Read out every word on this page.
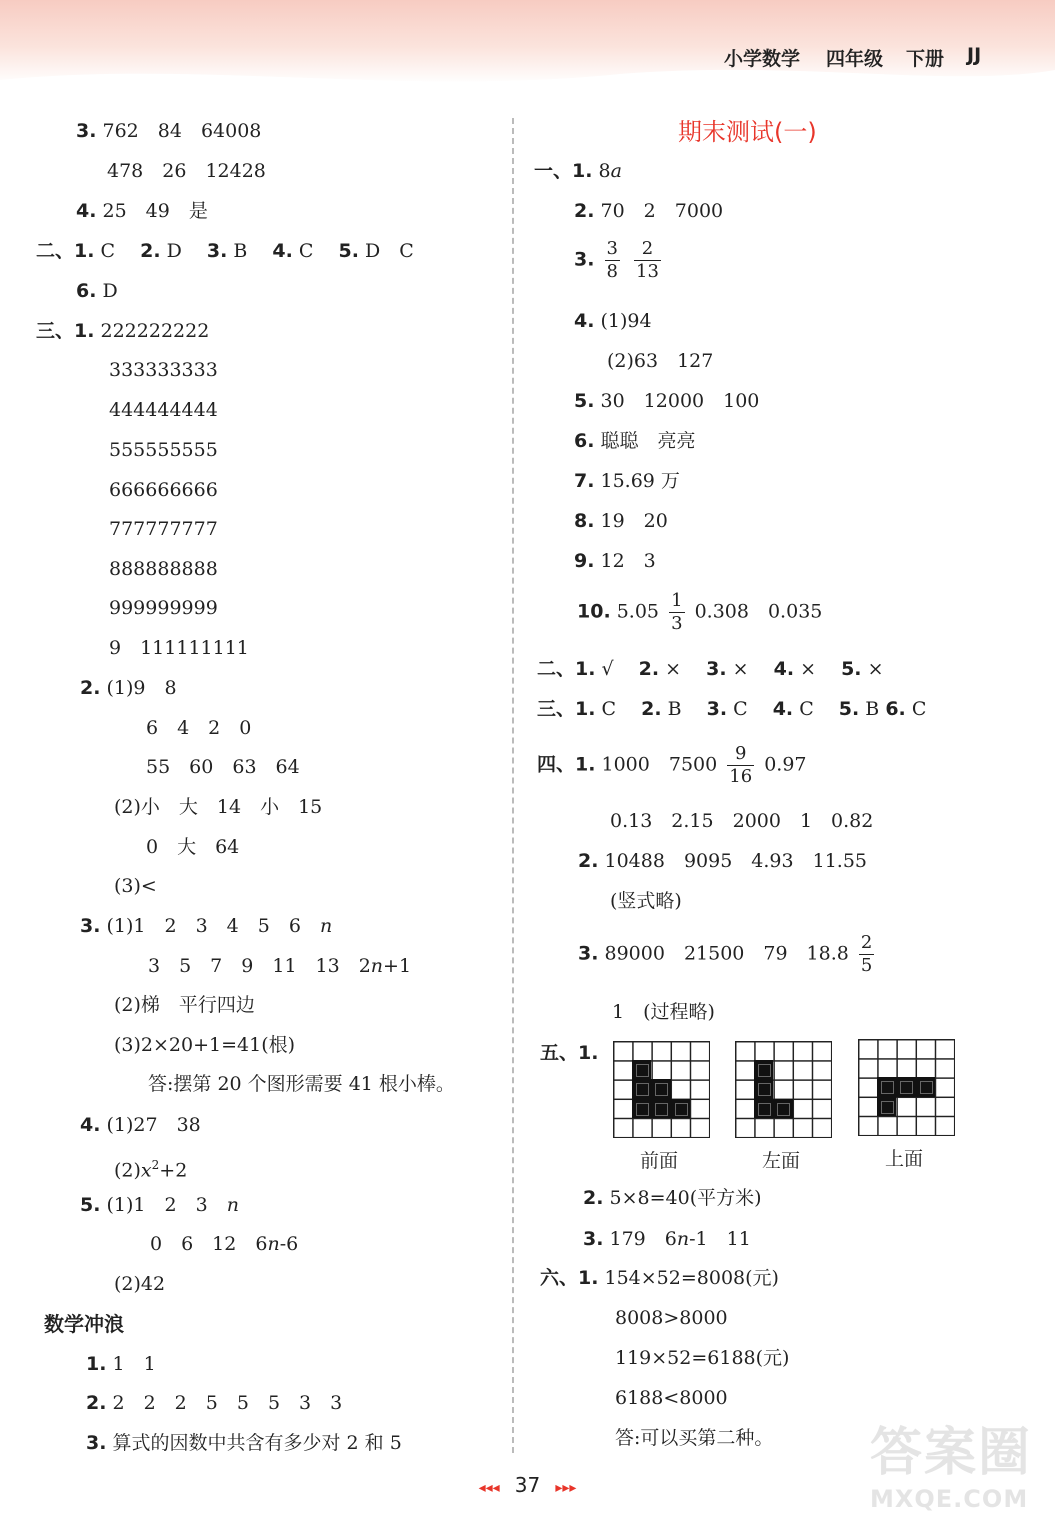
小学数学 四年级 下册 JJ
3. 762　84　64008
478　26　12428
4. 25　49　是
二、1. C　 2. D　 3. B　 4. C　 5. D　C
6. D
三、1. 222222222
333333333
444444444
555555555
666666666
777777777
888888888
999999999
9　111111111
2. (1)9　8
6　4　2　0
55　60　63　64
(2)小　大　14　小　15
0　大　64
(3)<
3. (1)1　2　3　4　5　6　n
3　5　7　9　11　13　2n+1
(2)梯　平行四边
(3)2×20+1=41(根)
答:摆第 20 个图形需要 41 根小棒。
4. (1)27　38
$(2)x^2+2$
5. (1)1　2　3　n
0　6　12　6n-6
(2)42
数学冲浪
1. 1　1
2. 2　2　2　5　5　5　3　3
3. 算式的因数中共含有多少对 2 和 5
期末测试(一)
一、1. 8a
2. 70　2　7000
3. $\frac{3}{8}$
$\frac{2}{13}$
4. (1)94
(2)63　127
5. 30　12000　100
6. 聪聪　亮亮
7. 15.69 万
8. 19　20
9. 12　3
10. $5.05 \frac{1}{3} 0.308$　0.035
二、1. √　 2. ×　 3. ×　 4. ×　 5. ×
三、1. C　 2. B　 3. C　 4. C　 5. B 6. C
四、1. 1000　$7500 \frac{9}{16} 0.97$
0.13　2.15　2000　1　0.82
2. 10488　9095　4.93　11.55
(竖式略)
3. 89000　21500　79　$18.8 \frac{2}{5}$
1　(过程略)
五、1.
前面	左面	上面
2. 5×8=40(平方米)
3. 179　6n-1　11
六、1. 154×52=8008(元)
8008>8000
119×52=6188(元)
6188<8000
答:可以买第二种。
◂◂◂ 37 ▸▸▸
答案圈
MXQE.COM
